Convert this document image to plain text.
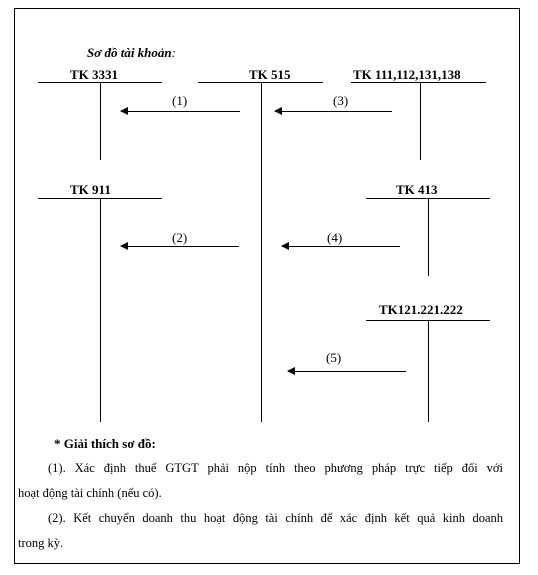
Sơ đồ tài khoản:
TK 3331	TK 515	TK 111,112,131,138
(1)	(3)
TK 911	TK 413
(2)	(4)
TK121.221.222
(5)
* Giải thích sơ đồ:
(1). Xác định thuế GTGT phải nộp tính theo phương pháp trực tiếp đối với
hoạt động tài chính (nếu có).
(2). Kết chuyển doanh thu hoạt động tài chính để xác định kết quả kinh doanh
trong kỳ.
